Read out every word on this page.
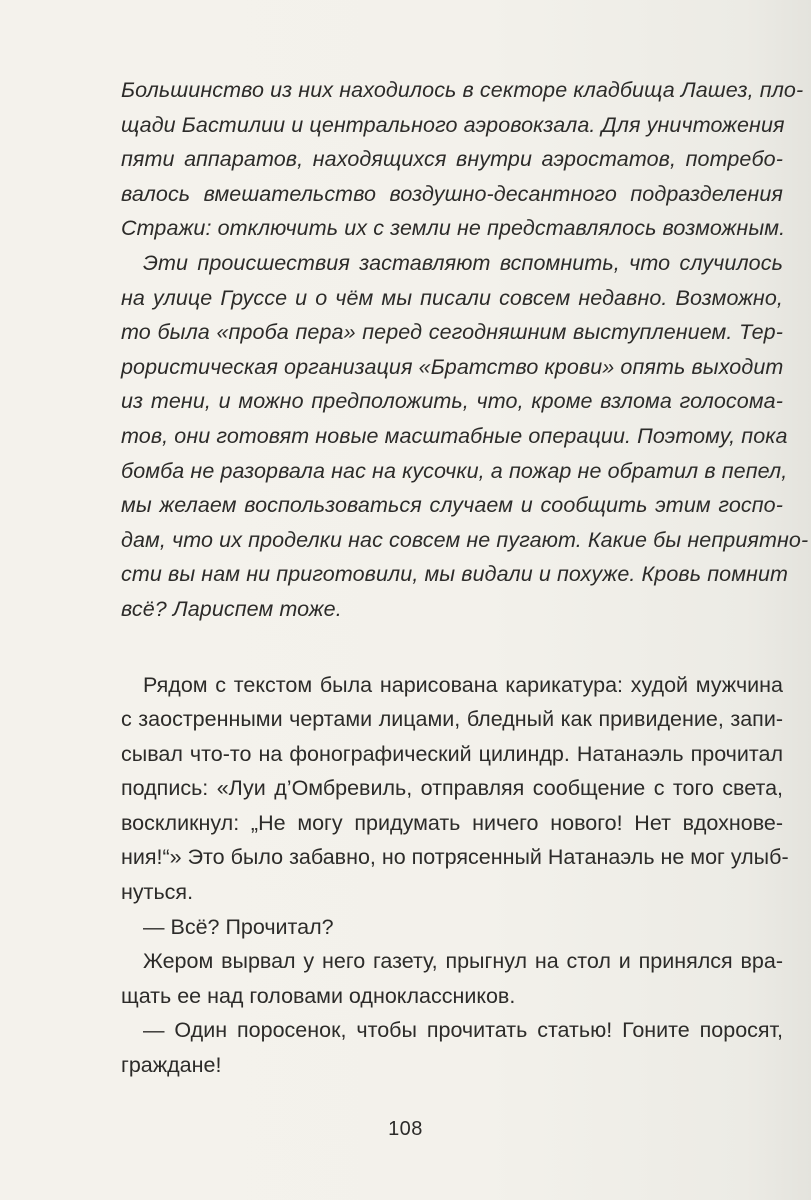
Большинство из них находилось в секторе кладбища Лашез, пло-
щади Бастилии и центрального аэровокзала. Для уничтожения
пяти аппаратов, находящихся внутри аэростатов, потребо-
валось вмешательство воздушно-десантного подразделения
Стражи: отключить их с земли не представлялось возможным.
Эти происшествия заставляют вспомнить, что случилось
на улице Груссе и о чём мы писали совсем недавно. Возможно,
то была «проба пера» перед сегодняшним выступлением. Тер-
рористическая организация «Братство крови» опять выходит
из тени, и можно предположить, что, кроме взлома голосома-
тов, они готовят новые масштабные операции. Поэтому, пока
бомба не разорвала нас на кусочки, а пожар не обратил в пепел,
мы желаем воспользоваться случаем и сообщить этим госпо-
дам, что их проделки нас совсем не пугают. Какие бы неприятно-
сти вы нам ни приготовили, мы видали и похуже. Кровь помнит
всё? Лариспем тоже.
Рядом с текстом была нарисована карикатура: худой мужчина
с заостренными чертами лицами, бледный как привидение, запи-
сывал что-то на фонографический цилиндр. Натанаэль прочитал
подпись: «Луи д’Омбревиль, отправляя сообщение с того света,
воскликнул: „Не могу придумать ничего нового! Нет вдохнове-
ния!“» Это было забавно, но потрясенный Натанаэль не мог улыб-
нуться.
— Всё? Прочитал?
Жером вырвал у него газету, прыгнул на стол и принялся вра-
щать ее над головами одноклассников.
— Один поросенок, чтобы прочитать статью! Гоните поросят,
граждане!
108
